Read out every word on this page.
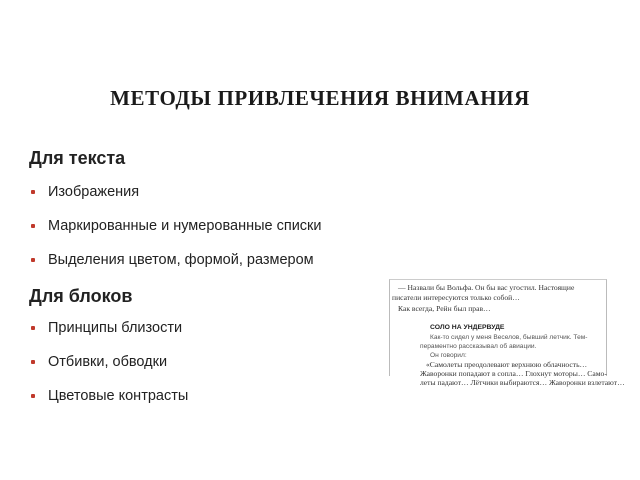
МЕТОДЫ ПРИВЛЕЧЕНИЯ ВНИМАНИЯ
Для текста
Изображения
Маркированные и нумерованные списки
Выделения цветом, формой, размером
Для блоков
Принципы близости
Отбивки, обводки
Цветовые контрасты
— Назвали бы Вольфа. Он бы вас угостил. Настоящие
писатели интересуются только собой…
Как всегда, Рейн был прав…
СОЛО НА УНДЕРВУДЕ
Как-то сидел у меня Веселов, бывший летчик. Тем-
пераментно рассказывал об авиации.
Он говорил:
«Самолеты преодолевают верхнюю облачность…
Жаворонки попадают в сопла… Глохнут моторы… Само-
леты падают… Лётчики выбираются… Жаворонки взлетают…
